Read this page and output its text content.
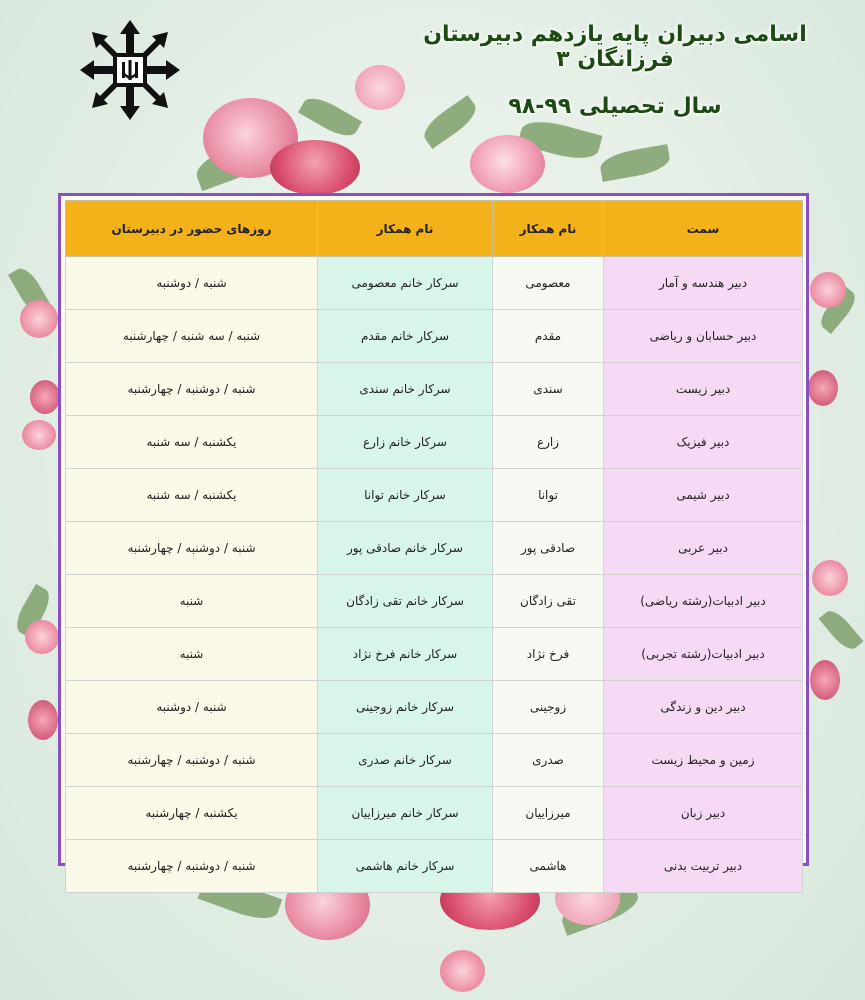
اسامی دبیران پایه یازدهم دبیرستان فرزانگان ۳
سال تحصیلی ۹۹-۹۸
سمت	نام همکار	نام همکار	روزهای حضور در دبیرستان
دبیر هندسه و آمار	معصومی	سرکار خانم معصومی	شنبه / دوشنبه
دبیر حسابان و ریاضی	مقدم	سرکار خانم مقدم	شنبه / سه شنبه / چهارشنبه
دبیر زیست	سندی	سرکار خانم سندی	شنبه / دوشنبه / چهارشنبه
دبیر فیزیک	زارع	سرکار خانم زارع	یکشنبه / سه شنبه
دبیر شیمی	توانا	سرکار خانم توانا	یکشنبه / سه شنبه
دبیر عربی	صادقی پور	سرکار خانم صادقی پور	شنبه / دوشنبه / چهارشنبه
دبیر ادبیات(رشته ریاضی)	تقی زادگان	سرکار خانم تقی زادگان	شنبه
دبیر ادبیات(رشته تجربی)	فرخ نژاد	سرکار خانم فرخ نژاد	شنبه
دبیر دین و زندگی	زوجینی	سرکار خانم زوجینی	شنبه / دوشنبه
زمین و محیط زیست	صدری	سرکار خانم صدری	شنبه / دوشنبه / چهارشنبه
دبیر زبان	میرزاییان	سرکار خانم میرزاییان	یکشنبه / چهارشنبه
دبیر تربیت بدنی	هاشمی	سرکار خانم هاشمی	شنبه / دوشنبه / چهارشنبه
